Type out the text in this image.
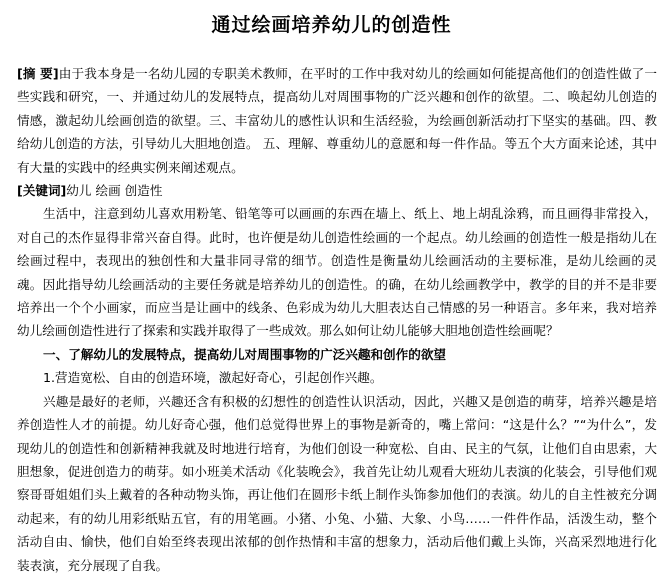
通过绘画培养幼儿的创造性

[摘 要]由于我本身是一名幼儿园的专职美术教师，在平时的工作中我对幼儿的绘画如何能提高他们的创造性做了一些实践和研究，一、并通过幼儿的发展特点，提高幼儿对周围事物的广泛兴趣和创作的欲望。二、唤起幼儿创造的情感，激起幼儿绘画创造的欲望。三、丰富幼儿的感性认识和生活经验，为绘画创新活动打下坚实的基础。四、教给幼儿创造的方法，引导幼儿大胆地创造。 五、理解、尊重幼儿的意愿和每一件作品。等五个大方面来论述，其中有大量的实践中的经典实例来阐述观点。

[关键词]幼儿 绘画 创造性

生活中，注意到幼儿喜欢用粉笔、铅笔等可以画画的东西在墙上、纸上、地上胡乱涂鸦，而且画得非常投入，对自己的杰作显得非常兴奋自得。此时，也许便是幼儿创造性绘画的一个起点。幼儿绘画的创造性一般是指幼儿在绘画过程中，表现出的独创性和大量非同寻常的细节。创造性是衡量幼儿绘画活动的主要标准，是幼儿绘画的灵魂。因此指导幼儿绘画活动的主要任务就是培养幼儿的创造性。的确，在幼儿绘画教学中，教学的目的并不是非要培养出一个个小画家，而应当是让画中的线条、色彩成为幼儿大胆表达自己情感的另一种语言。多年来，我对培养幼儿绘画创造性进行了探索和实践并取得了一些成效。那么如何让幼儿能够大胆地创造性绘画呢？

一、了解幼儿的发展特点，提高幼儿对周围事物的广泛兴趣和创作的欲望

1.营造宽松、自由的创造环境，激起好奇心，引起创作兴趣。

兴趣是最好的老师，兴趣还含有积极的幻想性的创造性认识活动，因此，兴趣又是创造的萌芽，培养兴趣是培养创造性人才的前提。幼儿好奇心强，他们总觉得世界上的事物是新奇的，嘴上常问：“这是什么？”“为什么”，发现幼儿的创造性和创新精神我就及时地进行培育，为他们创设一种宽松、自由、民主的气氛，让他们自由思索，大胆想象，促进创造力的萌芽。如小班美术活动《化装晚会》，我首先让幼儿观看大班幼儿表演的化装会，引导他们观察哥哥姐姐们头上戴着的各种动物头饰，再让他们在圆形卡纸上制作头饰参加他们的表演。幼儿的自主性被充分调动起来，有的幼儿用彩纸贴五官，有的用笔画。小猪、小兔、小猫、大象、小鸟……一件件作品，活泼生动，整个活动自由、愉快，他们自始至终表现出浓郁的创作热情和丰富的想象力，活动后他们戴上头饰，兴高采烈地进行化装表演，充分展现了自我。
